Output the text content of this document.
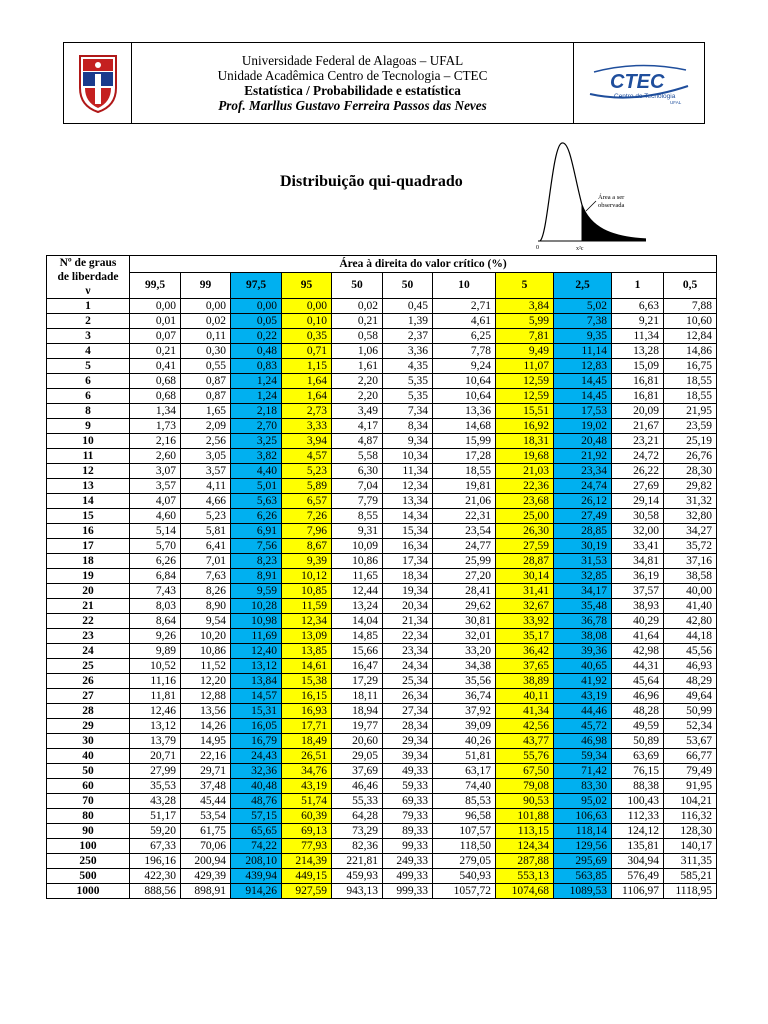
Universidade Federal de Alagoas – UFAL
Unidade Acadêmica Centro de Tecnologia – CTEC
Estatística / Probabilidade e estatística
Prof. Marllus Gustavo Ferreira Passos das Neves
CTEC
Centro de Tecnologia
UFAL
Distribuição qui-quadrado
Área a ser
observada
0	x²c
Nº de graus
de liberdade
ν	Área à direita do valor crítico (%)										
	99,5	99	97,5	95	50	50	10	5	2,5	1	0,5
1	0,00	0,00	0,00	0,00	0,02	0,45	2,71	3,84	5,02	6,63	7,88
2	0,01	0,02	0,05	0,10	0,21	1,39	4,61	5,99	7,38	9,21	10,60
3	0,07	0,11	0,22	0,35	0,58	2,37	6,25	7,81	9,35	11,34	12,84
4	0,21	0,30	0,48	0,71	1,06	3,36	7,78	9,49	11,14	13,28	14,86
5	0,41	0,55	0,83	1,15	1,61	4,35	9,24	11,07	12,83	15,09	16,75
6	0,68	0,87	1,24	1,64	2,20	5,35	10,64	12,59	14,45	16,81	18,55
6	0,68	0,87	1,24	1,64	2,20	5,35	10,64	12,59	14,45	16,81	18,55
8	1,34	1,65	2,18	2,73	3,49	7,34	13,36	15,51	17,53	20,09	21,95
9	1,73	2,09	2,70	3,33	4,17	8,34	14,68	16,92	19,02	21,67	23,59
10	2,16	2,56	3,25	3,94	4,87	9,34	15,99	18,31	20,48	23,21	25,19
11	2,60	3,05	3,82	4,57	5,58	10,34	17,28	19,68	21,92	24,72	26,76
12	3,07	3,57	4,40	5,23	6,30	11,34	18,55	21,03	23,34	26,22	28,30
13	3,57	4,11	5,01	5,89	7,04	12,34	19,81	22,36	24,74	27,69	29,82
14	4,07	4,66	5,63	6,57	7,79	13,34	21,06	23,68	26,12	29,14	31,32
15	4,60	5,23	6,26	7,26	8,55	14,34	22,31	25,00	27,49	30,58	32,80
16	5,14	5,81	6,91	7,96	9,31	15,34	23,54	26,30	28,85	32,00	34,27
17	5,70	6,41	7,56	8,67	10,09	16,34	24,77	27,59	30,19	33,41	35,72
18	6,26	7,01	8,23	9,39	10,86	17,34	25,99	28,87	31,53	34,81	37,16
19	6,84	7,63	8,91	10,12	11,65	18,34	27,20	30,14	32,85	36,19	38,58
20	7,43	8,26	9,59	10,85	12,44	19,34	28,41	31,41	34,17	37,57	40,00
21	8,03	8,90	10,28	11,59	13,24	20,34	29,62	32,67	35,48	38,93	41,40
22	8,64	9,54	10,98	12,34	14,04	21,34	30,81	33,92	36,78	40,29	42,80
23	9,26	10,20	11,69	13,09	14,85	22,34	32,01	35,17	38,08	41,64	44,18
24	9,89	10,86	12,40	13,85	15,66	23,34	33,20	36,42	39,36	42,98	45,56
25	10,52	11,52	13,12	14,61	16,47	24,34	34,38	37,65	40,65	44,31	46,93
26	11,16	12,20	13,84	15,38	17,29	25,34	35,56	38,89	41,92	45,64	48,29
27	11,81	12,88	14,57	16,15	18,11	26,34	36,74	40,11	43,19	46,96	49,64
28	12,46	13,56	15,31	16,93	18,94	27,34	37,92	41,34	44,46	48,28	50,99
29	13,12	14,26	16,05	17,71	19,77	28,34	39,09	42,56	45,72	49,59	52,34
30	13,79	14,95	16,79	18,49	20,60	29,34	40,26	43,77	46,98	50,89	53,67
40	20,71	22,16	24,43	26,51	29,05	39,34	51,81	55,76	59,34	63,69	66,77
50	27,99	29,71	32,36	34,76	37,69	49,33	63,17	67,50	71,42	76,15	79,49
60	35,53	37,48	40,48	43,19	46,46	59,33	74,40	79,08	83,30	88,38	91,95
70	43,28	45,44	48,76	51,74	55,33	69,33	85,53	90,53	95,02	100,43	104,21
80	51,17	53,54	57,15	60,39	64,28	79,33	96,58	101,88	106,63	112,33	116,32
90	59,20	61,75	65,65	69,13	73,29	89,33	107,57	113,15	118,14	124,12	128,30
100	67,33	70,06	74,22	77,93	82,36	99,33	118,50	124,34	129,56	135,81	140,17
250	196,16	200,94	208,10	214,39	221,81	249,33	279,05	287,88	295,69	304,94	311,35
500	422,30	429,39	439,94	449,15	459,93	499,33	540,93	553,13	563,85	576,49	585,21
1000	888,56	898,91	914,26	927,59	943,13	999,33	1057,72	1074,68	1089,53	1106,97	1118,95
